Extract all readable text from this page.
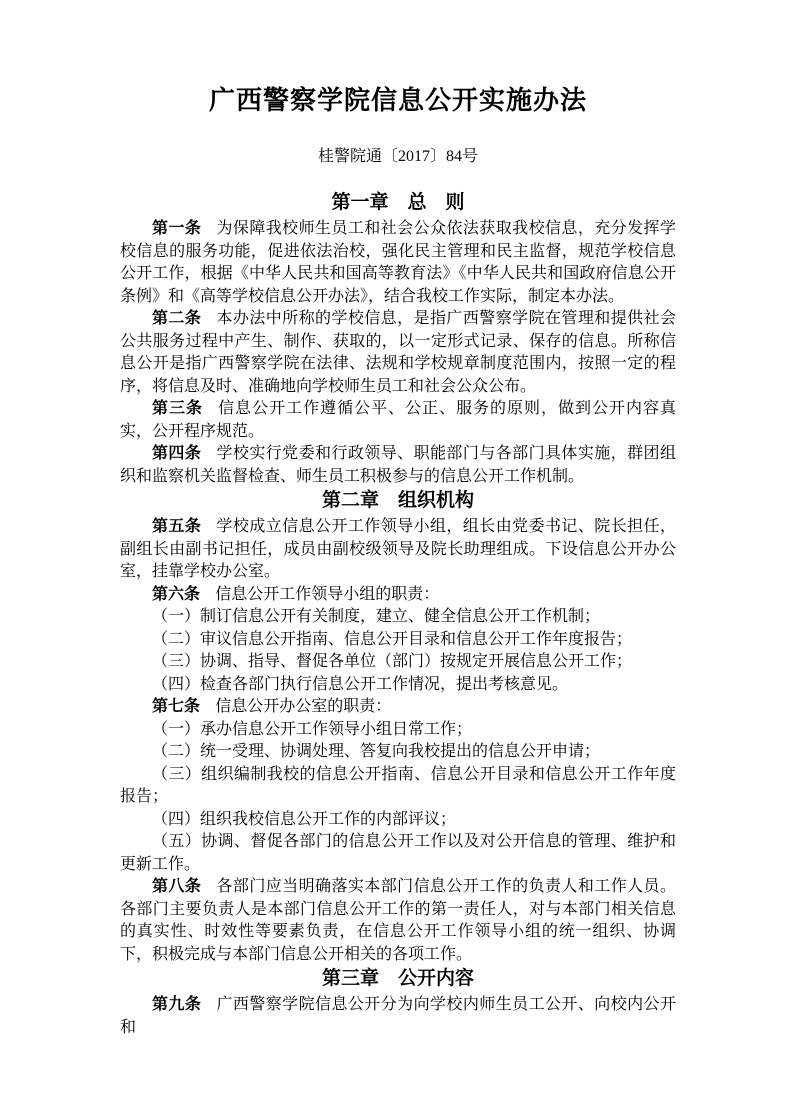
广西警察学院信息公开实施办法
桂警院通〔2017〕84号
第一章　总　则

第一条 为保障我校师生员工和社会公众依法获取我校信息，充分发挥学校信息的服务功能，促进依法治校，强化民主管理和民主监督，规范学校信息公开工作，根据《中华人民共和国高等教育法》《中华人民共和国政府信息公开条例》和《高等学校信息公开办法》，结合我校工作实际，制定本办法。

第二条 本办法中所称的学校信息，是指广西警察学院在管理和提供社会公共服务过程中产生、制作、获取的，以一定形式记录、保存的信息。所称信息公开是指广西警察学院在法律、法规和学校规章制度范围内，按照一定的程序，将信息及时、准确地向学校师生员工和社会公众公布。

第三条 信息公开工作遵循公平、公正、服务的原则，做到公开内容真实，公开程序规范。

第四条 学校实行党委和行政领导、职能部门与各部门具体实施，群团组织和监察机关监督检查、师生员工积极参与的信息公开工作机制。

第二章　组织机构

第五条 学校成立信息公开工作领导小组，组长由党委书记、院长担任，副组长由副书记担任，成员由副校级领导及院长助理组成。下设信息公开办公室，挂靠学校办公室。

第六条 信息公开工作领导小组的职责：

（一）制订信息公开有关制度，建立、健全信息公开工作机制；

（二）审议信息公开指南、信息公开目录和信息公开工作年度报告；

（三）协调、指导、督促各单位（部门）按规定开展信息公开工作；

（四）检查各部门执行信息公开工作情况，提出考核意见。

第七条 信息公开办公室的职责：

（一）承办信息公开工作领导小组日常工作；

（二）统一受理、协调处理、答复向我校提出的信息公开申请；

（三）组织编制我校的信息公开指南、信息公开目录和信息公开工作年度报告；

（四）组织我校信息公开工作的内部评议；

（五）协调、督促各部门的信息公开工作以及对公开信息的管理、维护和更新工作。

第八条 各部门应当明确落实本部门信息公开工作的负责人和工作人员。各部门主要负责人是本部门信息公开工作的第一责任人，对与本部门相关信息的真实性、时效性等要素负责，在信息公开工作领导小组的统一组织、协调下，积极完成与本部门信息公开相关的各项工作。

第三章　公开内容

第九条 广西警察学院信息公开分为向学校内师生员工公开、向校内公开和
